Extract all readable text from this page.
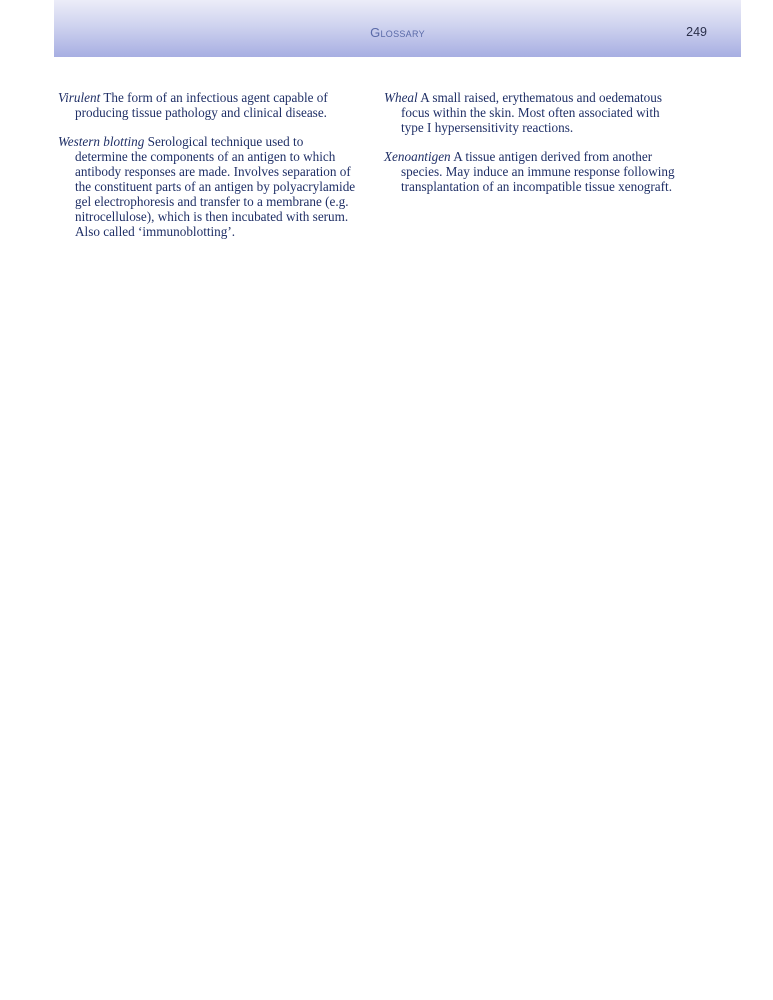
Glossary	249

Virulent The form of an infectious agent capable of producing tissue pathology and clinical disease.

Western blotting Serological technique used to determine the components of an antigen to which antibody responses are made. Involves separation of the constituent parts of an antigen by polyacrylamide gel electrophoresis and transfer to a membrane (e.g. nitrocellulose), which is then incubated with serum. Also called ‘immunoblotting’.

Wheal A small raised, erythematous and oedematous focus within the skin. Most often associated with type I hypersensitivity reactions.

Xenoantigen A tissue antigen derived from another species. May induce an immune response following transplantation of an incompatible tissue xenograft.
